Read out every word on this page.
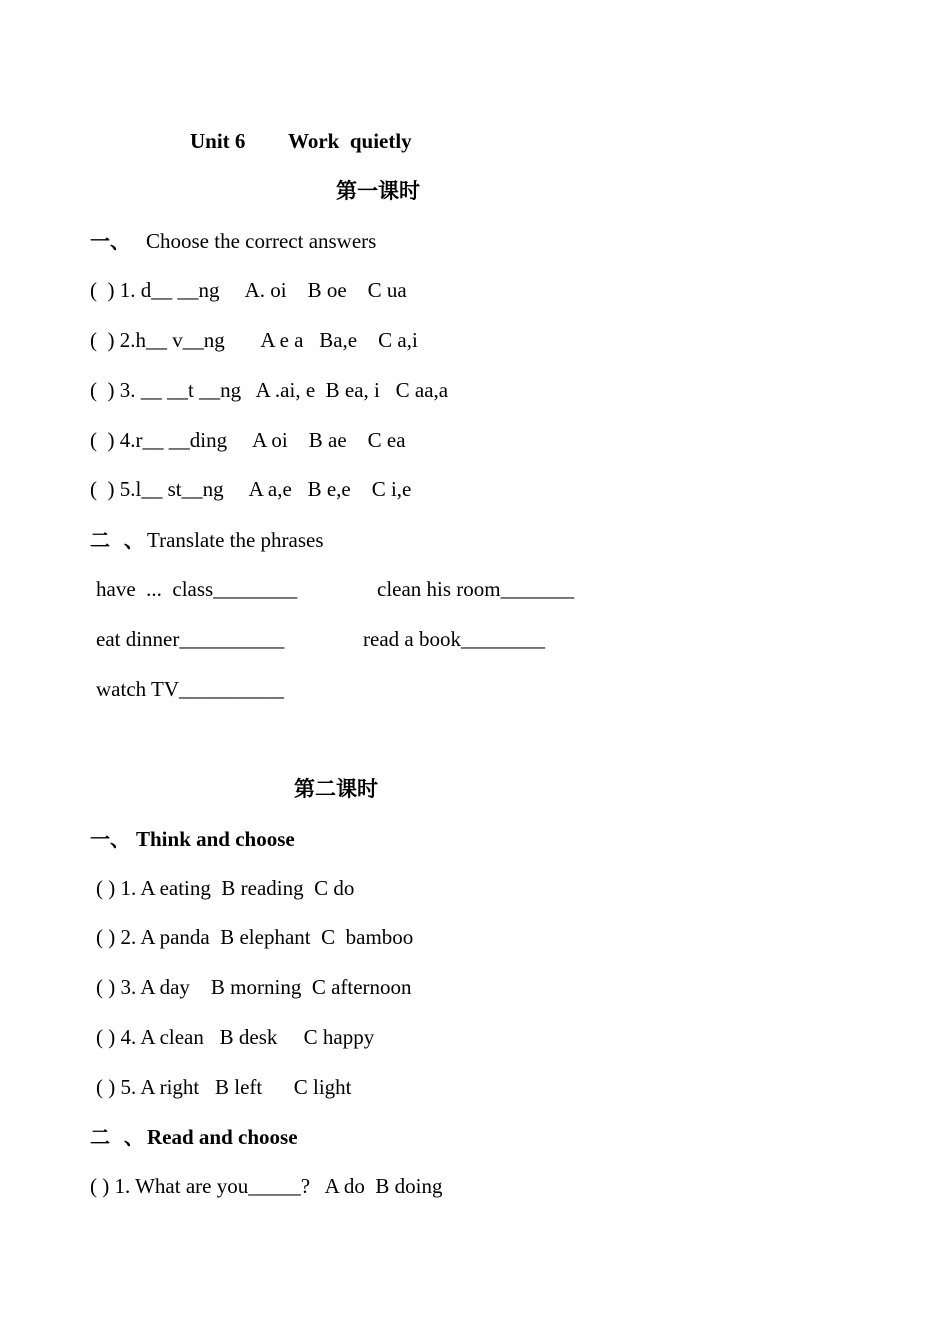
Unit 6 Work  quietly
第一课时
一、 Choose the correct answers
(  ) 1. d__ __ng     A. oi    B oe    C ua
(  ) 2.h__ v__ng       A e a   Ba,e    C a,i
(  ) 3. __ __t __ng   A .ai, e  B ea, i   C aa,a
(  ) 4.r__ __ding     A oi    B ae    C ea
(  ) 5.l__ st__ng     A a,e   B e,e    C i,e
二  、 Translate the phrases
have  ...  class________	clean his room_______
eat dinner__________	read a book________
watch TV__________
第二课时
一、 Think and choose
( ) 1. A eating  B reading  C do
( ) 2. A panda  B elephant  C  bamboo
( ) 3. A day    B morning  C afternoon
( ) 4. A clean   B desk     C happy
( ) 5. A right   B left      C light
二  、 Read and choose
( ) 1. What are you_____?   A do  B doing
